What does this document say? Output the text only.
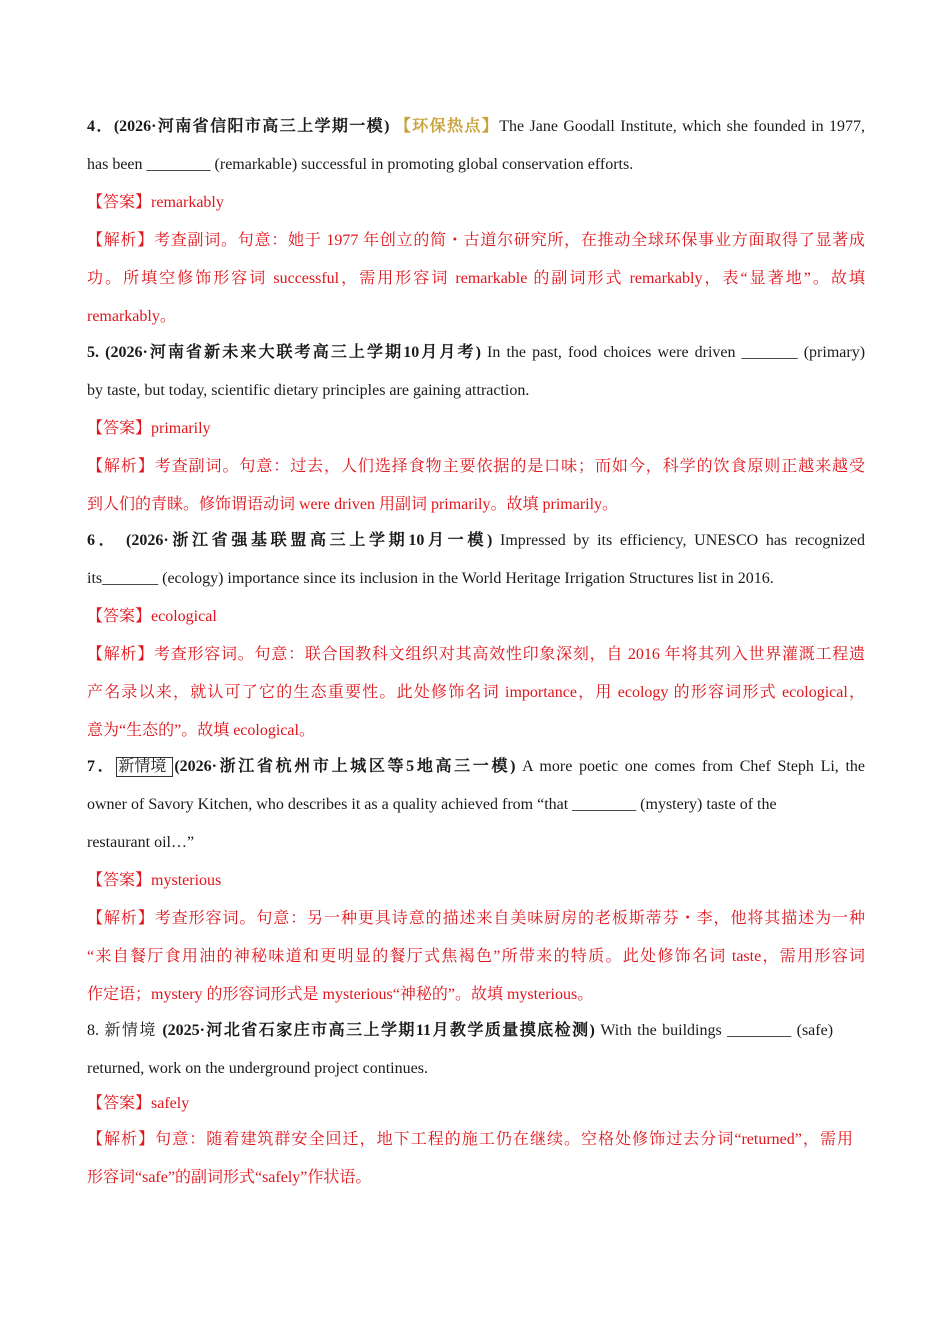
4．(2026·河南省信阳市高三上学期一模) 【环保热点】The Jane Goodall Institute, which she founded in 1977,
has been ________ (remarkable) successful in promoting global conservation efforts.
【答案】remarkably
【解析】考查副词。句意：她于 1977 年创立的简・古道尔研究所，在推动全球环保事业方面取得了显著成
功。所填空修饰形容词 successful，需用形容词 remarkable 的副词形式 remarkably，表“显著地”。故填
remarkably。
5. (2026·河南省新未来大联考高三上学期10月月考) In the past, food choices were driven _______ (primary)
by taste, but today, scientific dietary principles are gaining attraction.
【答案】primarily
【解析】考查副词。句意：过去，人们选择食物主要依据的是口味；而如今，科学的饮食原则正越来越受
到人们的青睐。修饰谓语动词 were driven 用副词 primarily。故填 primarily。
6． (2026·浙江省强基联盟高三上学期10月一模) Impressed by its efficiency, UNESCO has recognized
its_______ (ecology) importance since its inclusion in the World Heritage Irrigation Structures list in 2016.
【答案】ecological
【解析】考查形容词。句意：联合国教科文组织对其高效性印象深刻，自 2016 年将其列入世界灌溉工程遗
产名录以来，就认可了它的生态重要性。此处修饰名词 importance，用 ecology 的形容词形式 ecological，
意为“生态的”。故填 ecological。
7． 新情境 (2026·浙江省杭州市上城区等5地高三一模) A more poetic one comes from Chef Steph Li, the
owner of Savory Kitchen, who describes it as a quality achieved from “that ________ (mystery) taste of the
restaurant oil…”
【答案】mysterious
【解析】考查形容词。句意：另一种更具诗意的描述来自美味厨房的老板斯蒂芬・李，他将其描述为一种
“来自餐厅食用油的神秘味道和更明显的餐厅式焦褐色”所带来的特质。此处修饰名词 taste，需用形容词
作定语；mystery 的形容词形式是 mysterious“神秘的”。故填 mysterious。
8. 新情境 (2025·河北省石家庄市高三上学期11月教学质量摸底检测) With the buildings ________ (safe)
returned, work on the underground project continues.
【答案】safely
【解析】句意：随着建筑群安全回迁，地下工程的施工仍在继续。空格处修饰过去分词“returned”，需用
形容词“safe”的副词形式“safely”作状语。
